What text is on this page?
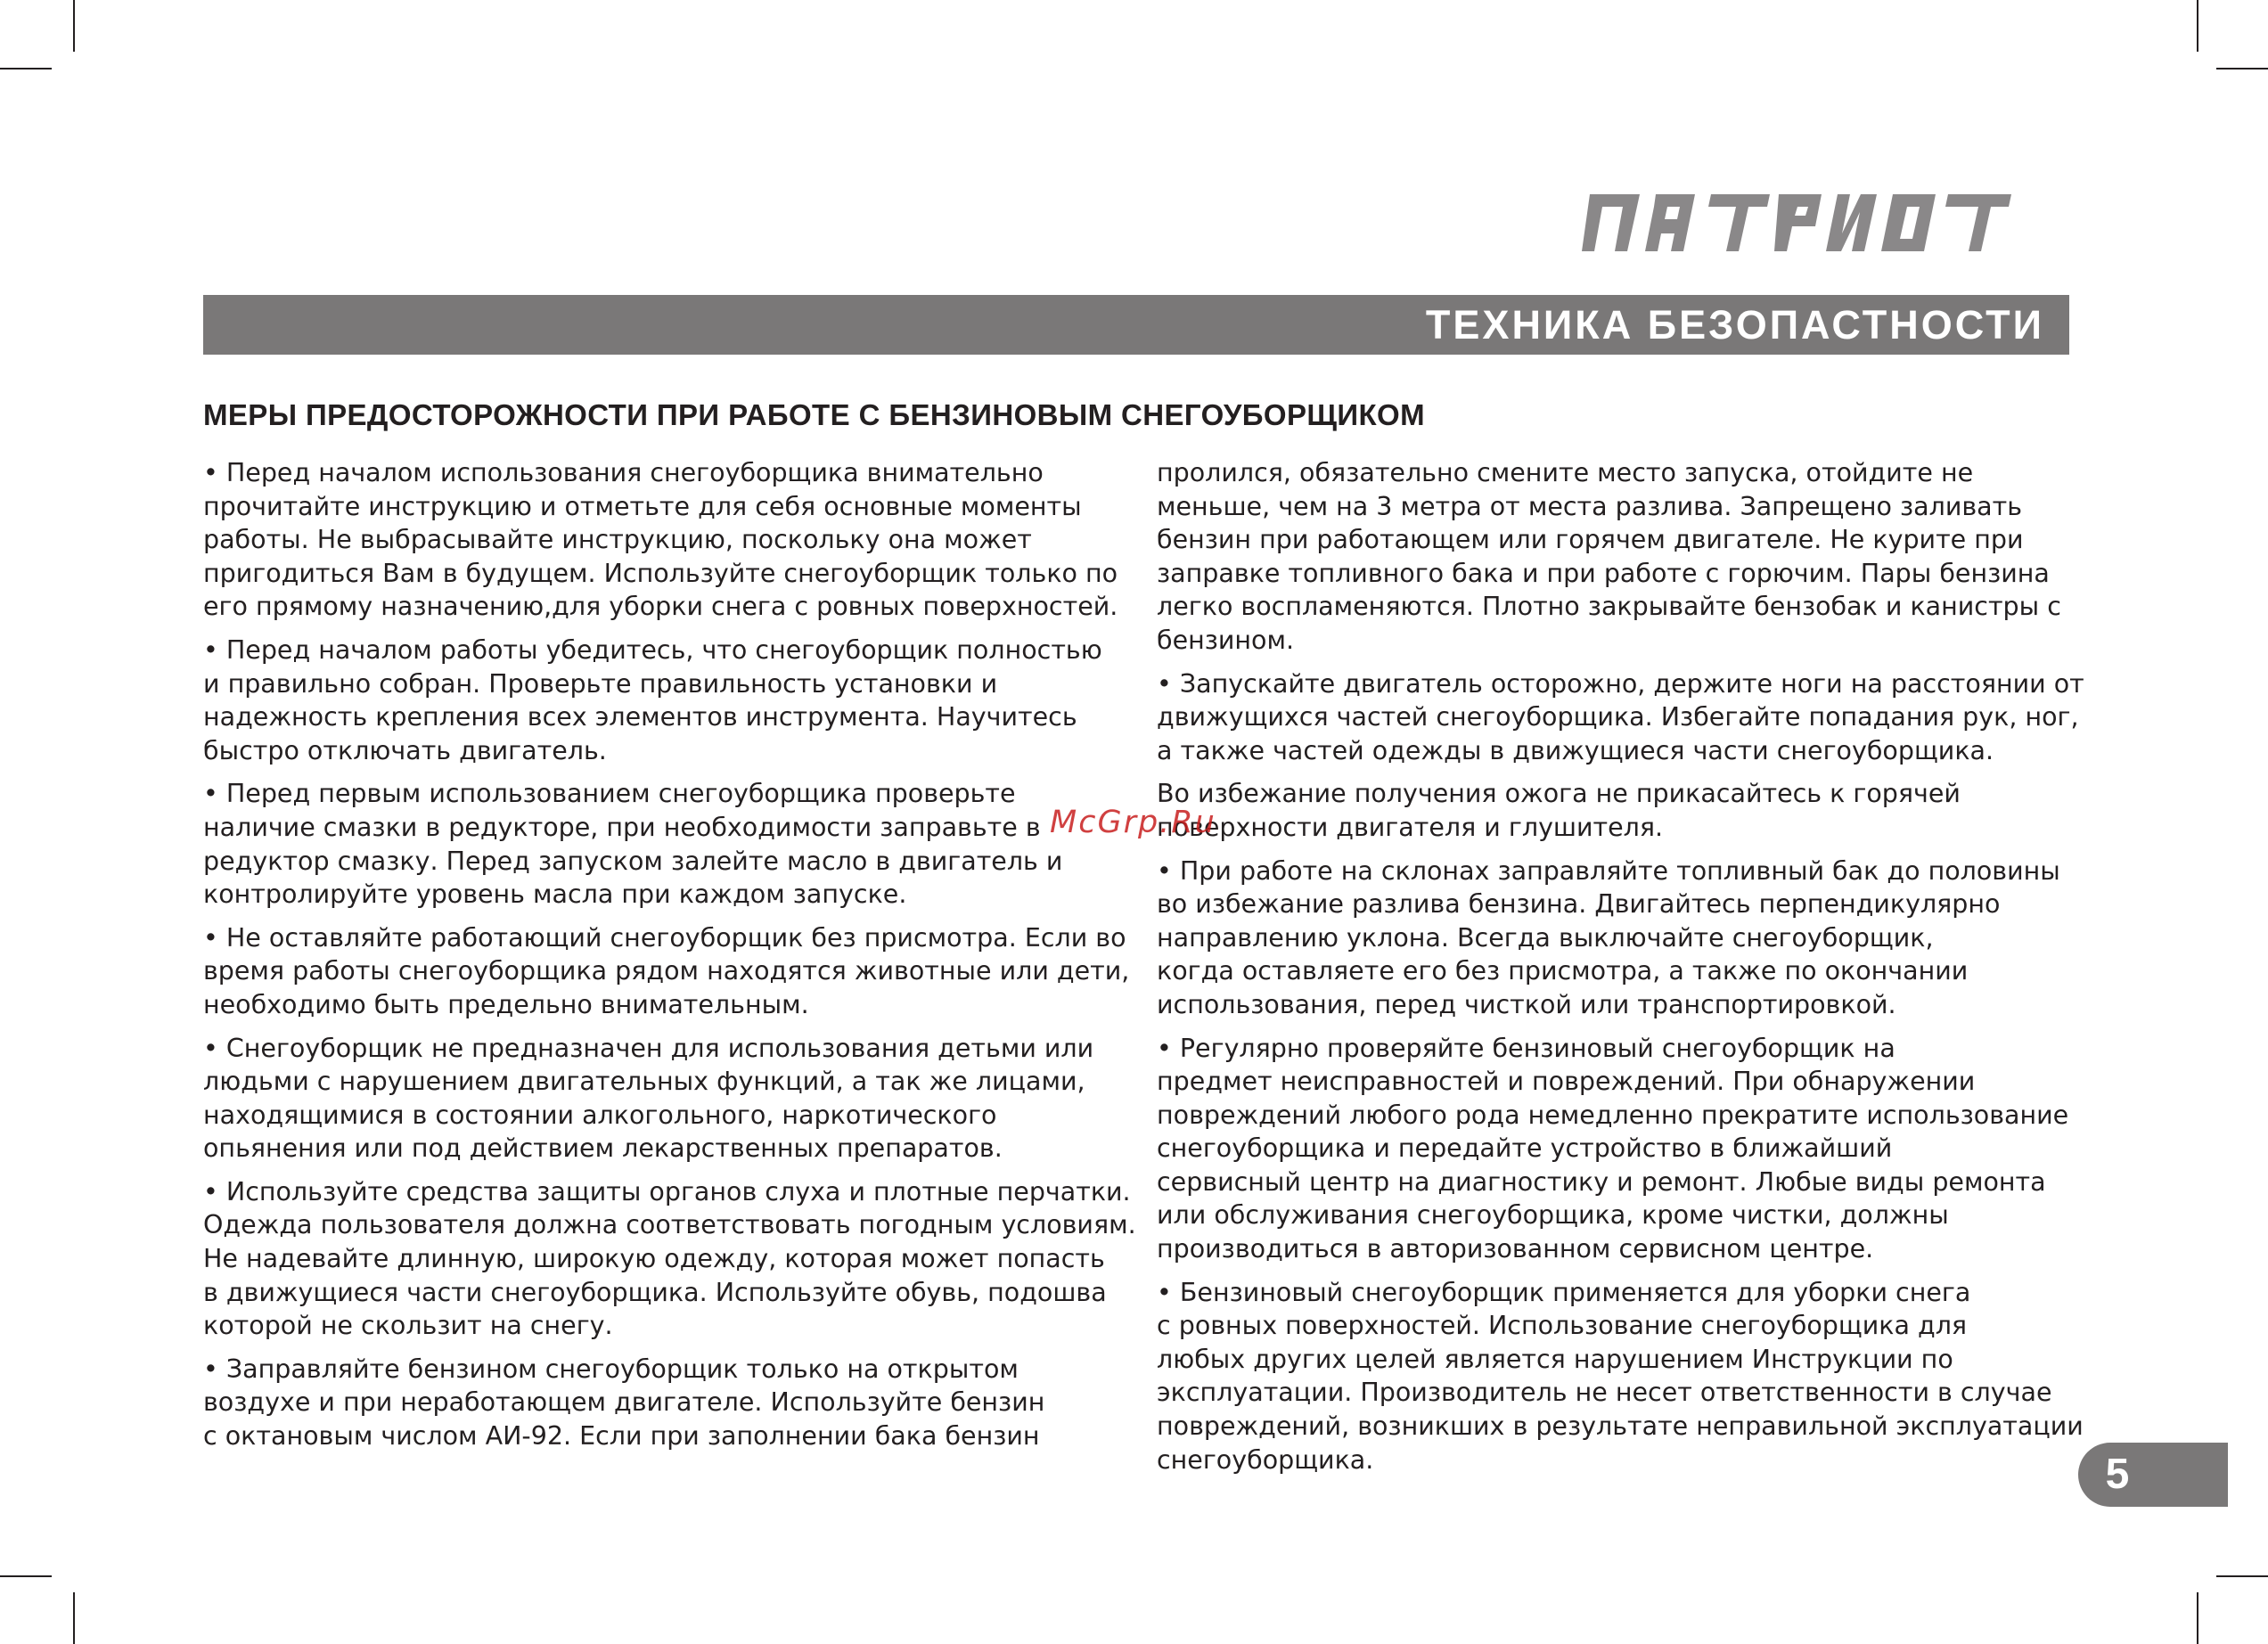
ТЕХНИКА БЕЗОПАСТНОСТИ
МЕРЫ ПРЕДОСТОРОЖНОСТИ ПРИ РАБОТЕ С БЕНЗИНОВЫМ СНЕГОУБОРЩИКОМ

• Перед началом использования снегоуборщика внимательно
прочитайте инструкцию и отметьте для себя основные моменты
работы. Не выбрасывайте инструкцию, поскольку она может
пригодиться Вам в будущем. Используйте снегоуборщик только по
его прямому назначению,для уборки снега с ровных поверхностей.

• Перед началом работы убедитесь, что снегоуборщик полностью
и правильно собран. Проверьте правильность установки и
надежность крепления всех элементов инструмента. Научитесь
быстро отключать двигатель.

• Перед первым использованием снегоуборщика проверьте
наличие смазки в редукторе, при необходимости заправьте в
редуктор смазку. Перед запуском залейте масло в двигатель и
контролируйте уровень масла при каждом запуске.

• Не оставляйте работающий снегоуборщик без присмотра. Если во
время работы снегоуборщика рядом находятся животные или дети,
необходимо быть предельно внимательным.

• Снегоуборщик не предназначен для использования детьми или
людьми с нарушением двигательных функций, а так же лицами,
находящимися в состоянии алкогольного, наркотического
опьянения или под действием лекарственных препаратов.

• Используйте средства защиты органов слуха и плотные перчатки.
Одежда пользователя должна соответствовать погодным условиям.
Не надевайте длинную, широкую одежду, которая может попасть
в движущиеся части снегоуборщика. Используйте обувь, подошва
которой не скользит на снегу.

• Заправляйте бензином снегоуборщик только на открытом
воздухе и при неработающем двигателе. Используйте бензин
с октановым числом АИ-92. Если при заполнении бака бензин

пролился, обязательно смените место запуска, отойдите не
меньше, чем на 3 метра от места разлива. Запрещено заливать
бензин при работающем или горячем двигателе. Не курите при
заправке топливного бака и при работе с горючим. Пары бензина
легко воспламеняются. Плотно закрывайте бензобак и канистры с
бензином.

• Запускайте двигатель осторожно, держите ноги на расстоянии от
движущихся частей снегоуборщика. Избегайте попадания рук, ног,
а также частей одежды в движущиеся части снегоуборщика.

Во избежание получения ожога не прикасайтесь к горячей
поверхности двигателя и глушителя.

• При работе на склонах заправляйте топливный бак до половины
во избежание разлива бензина. Двигайтесь перпендикулярно
направлению уклона. Всегда выключайте снегоуборщик,
когда оставляете его без присмотра, а также по окончании
использования, перед чисткой или транспортировкой.

• Регулярно проверяйте бензиновый снегоуборщик на
предмет неисправностей и повреждений. При обнаружении
повреждений любого рода немедленно прекратите использование
снегоуборщика и передайте устройство в ближайший
сервисный центр на диагностику и ремонт. Любые виды ремонта
или обслуживания снегоуборщика, кроме чистки, должны
производиться в авторизованном сервисном центре.

• Бензиновый снегоуборщик применяется для уборки снега
с ровных поверхностей. Использование снегоуборщика для
любых других целей является нарушением Инструкции по
эксплуатации. Производитель не несет ответственности в случае
повреждений, возникших в результате неправильной эксплуатации
снегоуборщика.

McGrp.Ru
5
